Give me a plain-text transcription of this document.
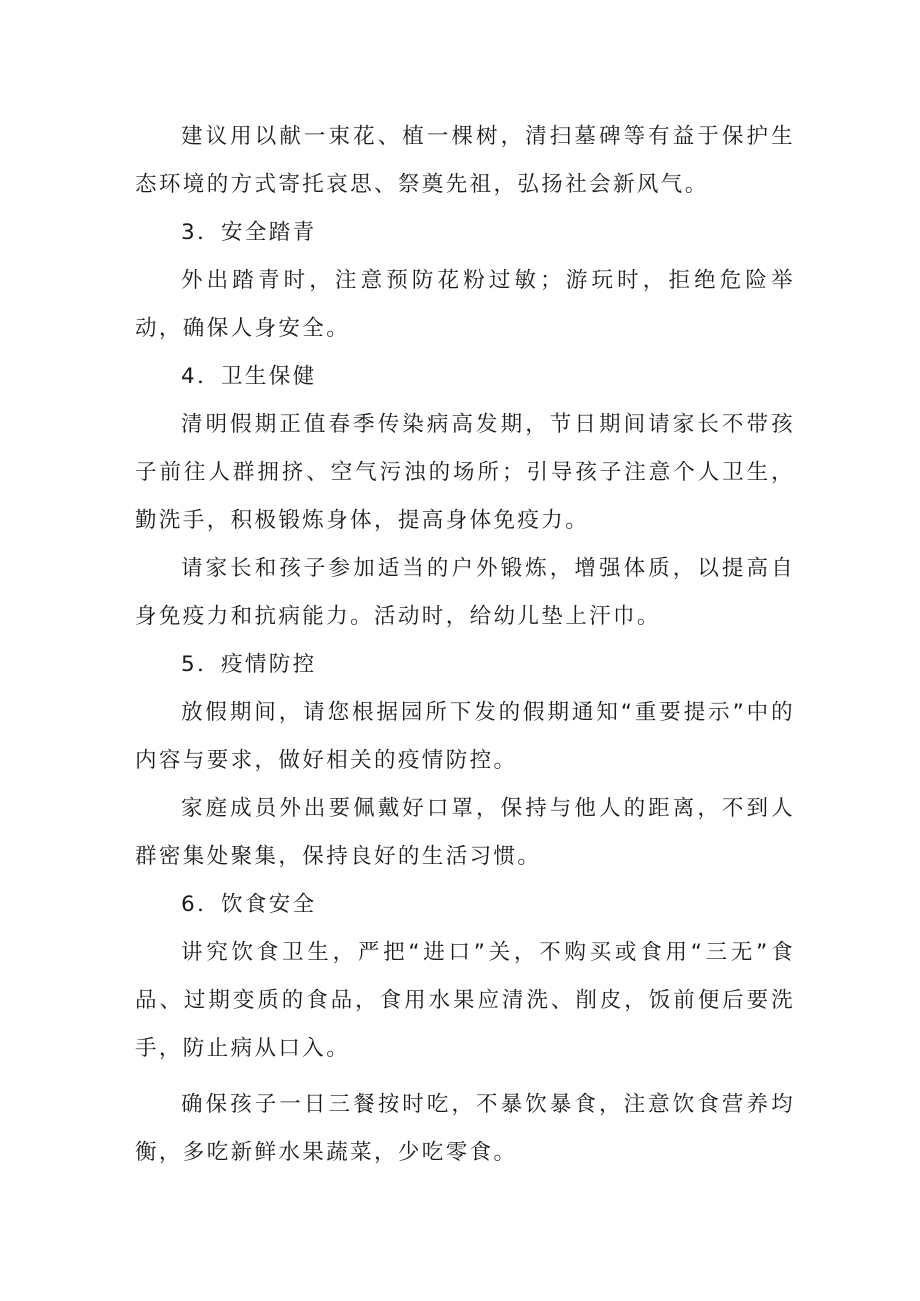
建议用以献一束花、植一棵树，清扫墓碑等有益于保护生态环境的方式寄托哀思、祭奠先祖，弘扬社会新风气。

3．安全踏青

外出踏青时，注意预防花粉过敏；游玩时，拒绝危险举动，确保人身安全。

4．卫生保健

清明假期正值春季传染病高发期，节日期间请家长不带孩子前往人群拥挤、空气污浊的场所；引导孩子注意个人卫生，勤洗手，积极锻炼身体，提高身体免疫力。

请家长和孩子参加适当的户外锻炼，增强体质，以提高自身免疫力和抗病能力。活动时，给幼儿垫上汗巾。

5．疫情防控

放假期间，请您根据园所下发的假期通知“重要提示”中的内容与要求，做好相关的疫情防控。

家庭成员外出要佩戴好口罩，保持与他人的距离，不到人群密集处聚集，保持良好的生活习惯。

6．饮食安全

讲究饮食卫生，严把“进口”关，不购买或食用“三无”食品、过期变质的食品，食用水果应清洗、削皮，饭前便后要洗手，防止病从口入。

确保孩子一日三餐按时吃，不暴饮暴食，注意饮食营养均衡，多吃新鲜水果蔬菜，少吃零食。
